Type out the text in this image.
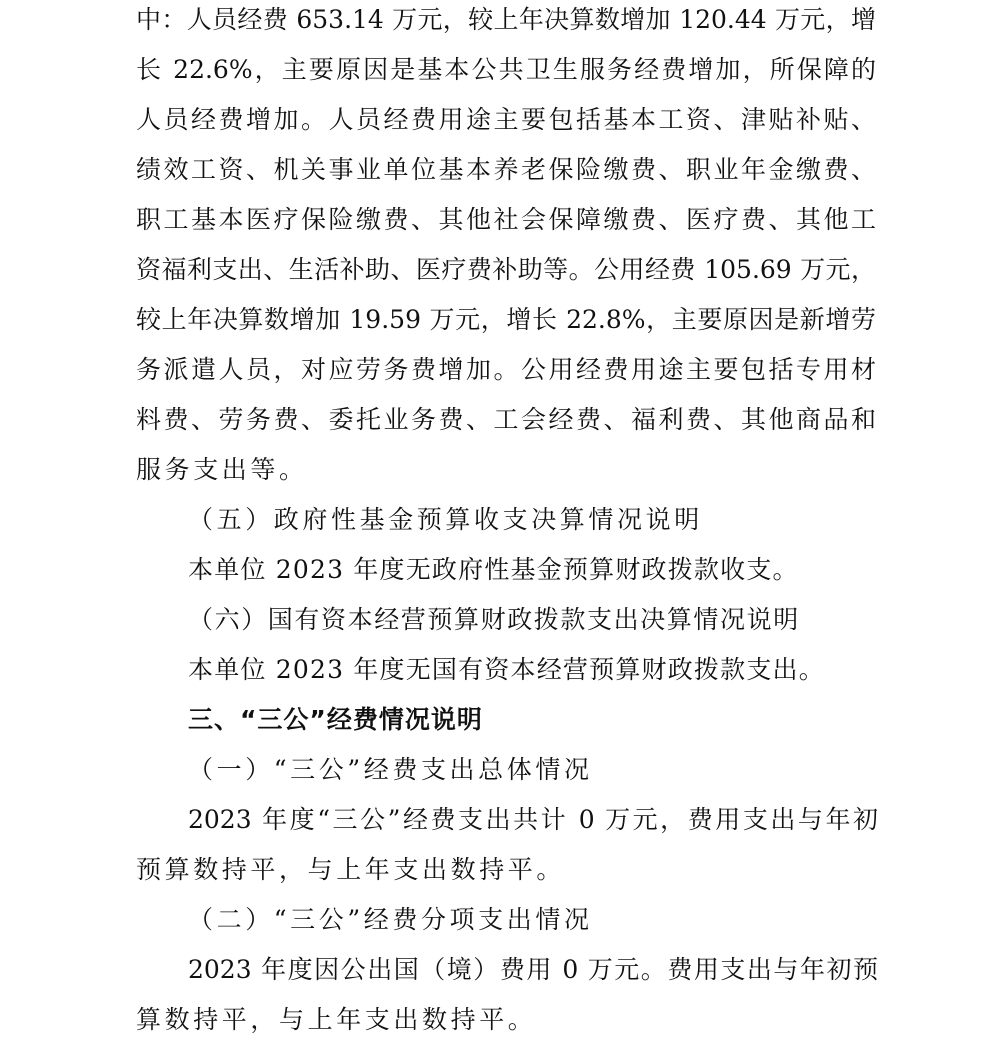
中：人员经费 653.14 万元，较上年决算数增加 120.44 万元，增
长 22.6%，主要原因是基本公共卫生服务经费增加，所保障的
人员经费增加。人员经费用途主要包括基本工资、津贴补贴、
绩效工资、机关事业单位基本养老保险缴费、职业年金缴费、
职工基本医疗保险缴费、其他社会保障缴费、医疗费、其他工
资福利支出、生活补助、医疗费补助等。公用经费 105.69 万元，
较上年决算数增加 19.59 万元，增长 22.8%，主要原因是新增劳
务派遣人员，对应劳务费增加。公用经费用途主要包括专用材
料费、劳务费、委托业务费、工会经费、福利费、其他商品和
服务支出等。
（五）政府性基金预算收支决算情况说明
本单位 2023 年度无政府性基金预算财政拨款收支。
（六）国有资本经营预算财政拨款支出决算情况说明
本单位 2023 年度无国有资本经营预算财政拨款支出。
三、“三公”经费情况说明
（一）“三公”经费支出总体情况
2023 年度“三公”经费支出共计 0 万元，费用支出与年初
预算数持平，与上年支出数持平。
（二）“三公”经费分项支出情况
2023 年度因公出国（境）费用 0 万元。费用支出与年初预
算数持平，与上年支出数持平。
